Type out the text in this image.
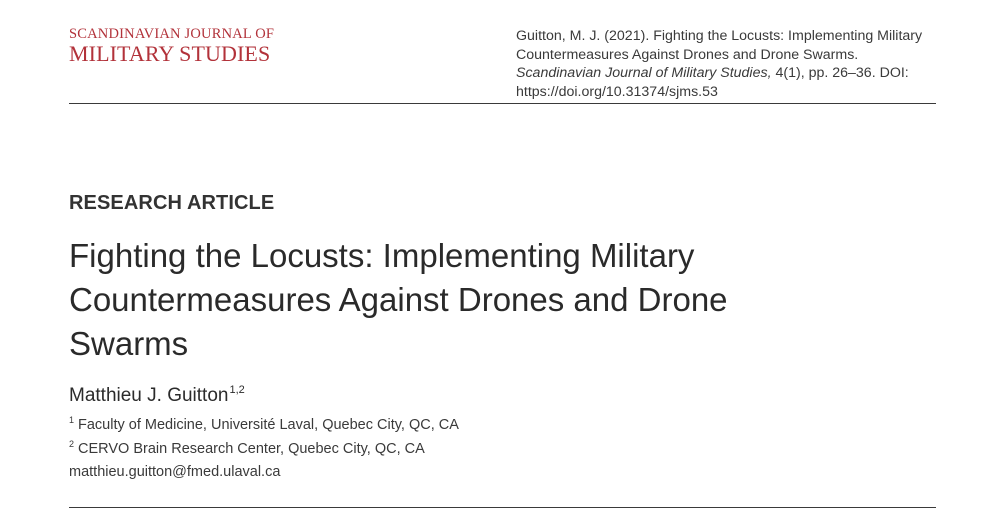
SCANDINAVIAN JOURNAL OF
MILITARY STUDIES
Guitton, M. J. (2021). Fighting the Locusts: Implementing Military Countermeasures Against Drones and Drone Swarms. Scandinavian Journal of Military Studies, 4(1), pp. 26–36. DOI: https://doi.org/10.31374/sjms.53
RESEARCH ARTICLE
Fighting the Locusts: Implementing Military Countermeasures Against Drones and Drone Swarms
Matthieu J. Guitton$^{1,2}$
$^1$ Faculty of Medicine, Université Laval, Quebec City, QC, CA
$^2$ CERVO Brain Research Center, Quebec City, QC, CA
matthieu.guitton@fmed.ulaval.ca
